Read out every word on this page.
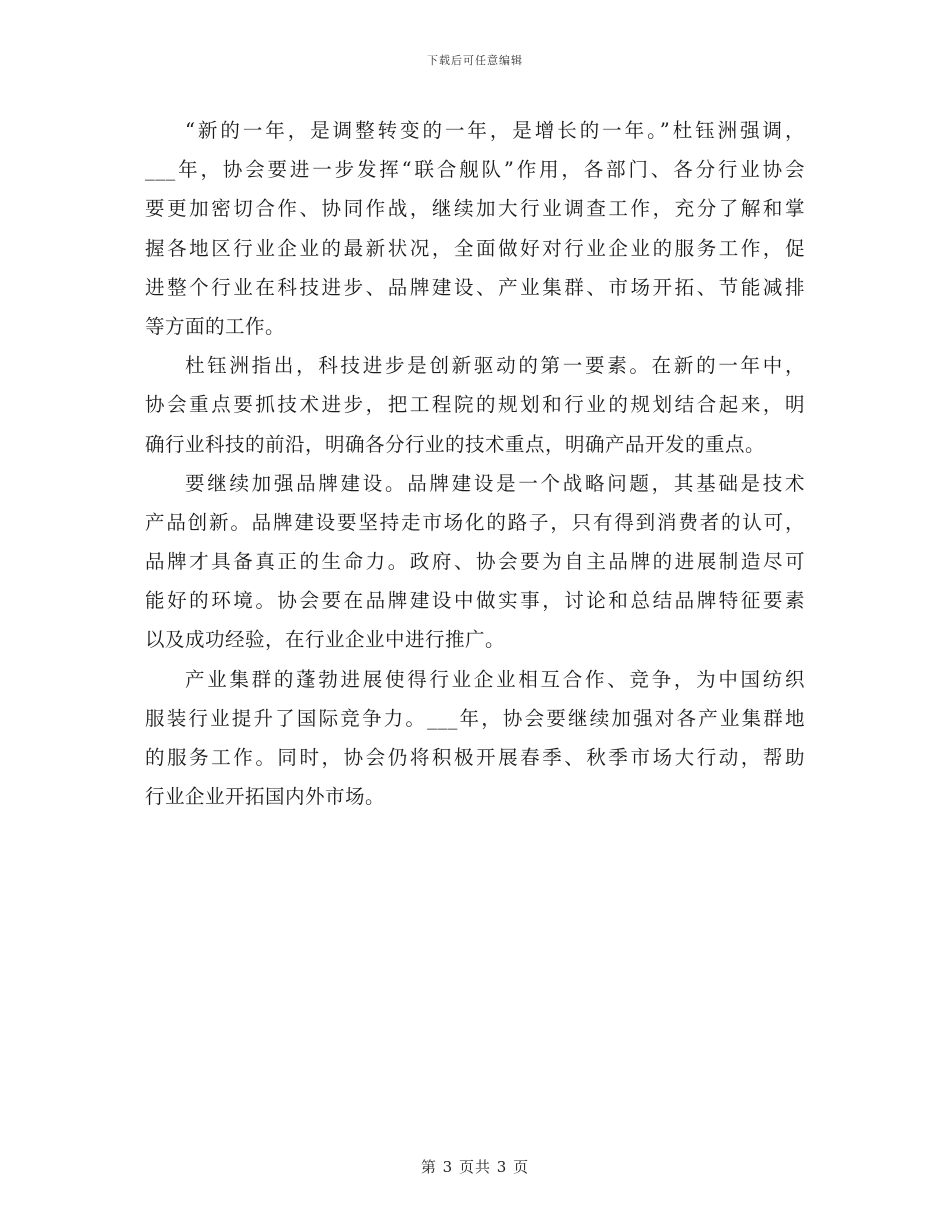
下载后可任意编辑
“新的一年，是调整转变的一年，是增长的一年。”杜钰洲强调，
___年，协会要进一步发挥“联合舰队”作用，各部门、各分行业协会
要更加密切合作、协同作战，继续加大行业调查工作，充分了解和掌
握各地区行业企业的最新状况，全面做好对行业企业的服务工作，促
进整个行业在科技进步、品牌建设、产业集群、市场开拓、节能减排
等方面的工作。
杜钰洲指出，科技进步是创新驱动的第一要素。在新的一年中，
协会重点要抓技术进步，把工程院的规划和行业的规划结合起来，明
确行业科技的前沿，明确各分行业的技术重点，明确产品开发的重点。
要继续加强品牌建设。品牌建设是一个战略问题，其基础是技术
产品创新。品牌建设要坚持走市场化的路子，只有得到消费者的认可，
品牌才具备真正的生命力。政府、协会要为自主品牌的进展制造尽可
能好的环境。协会要在品牌建设中做实事，讨论和总结品牌特征要素
以及成功经验，在行业企业中进行推广。
产业集群的蓬勃进展使得行业企业相互合作、竞争，为中国纺织
服装行业提升了国际竞争力。___年，协会要继续加强对各产业集群地
的服务工作。同时，协会仍将积极开展春季、秋季市场大行动，帮助
行业企业开拓国内外市场。
第 3 页共 3 页
